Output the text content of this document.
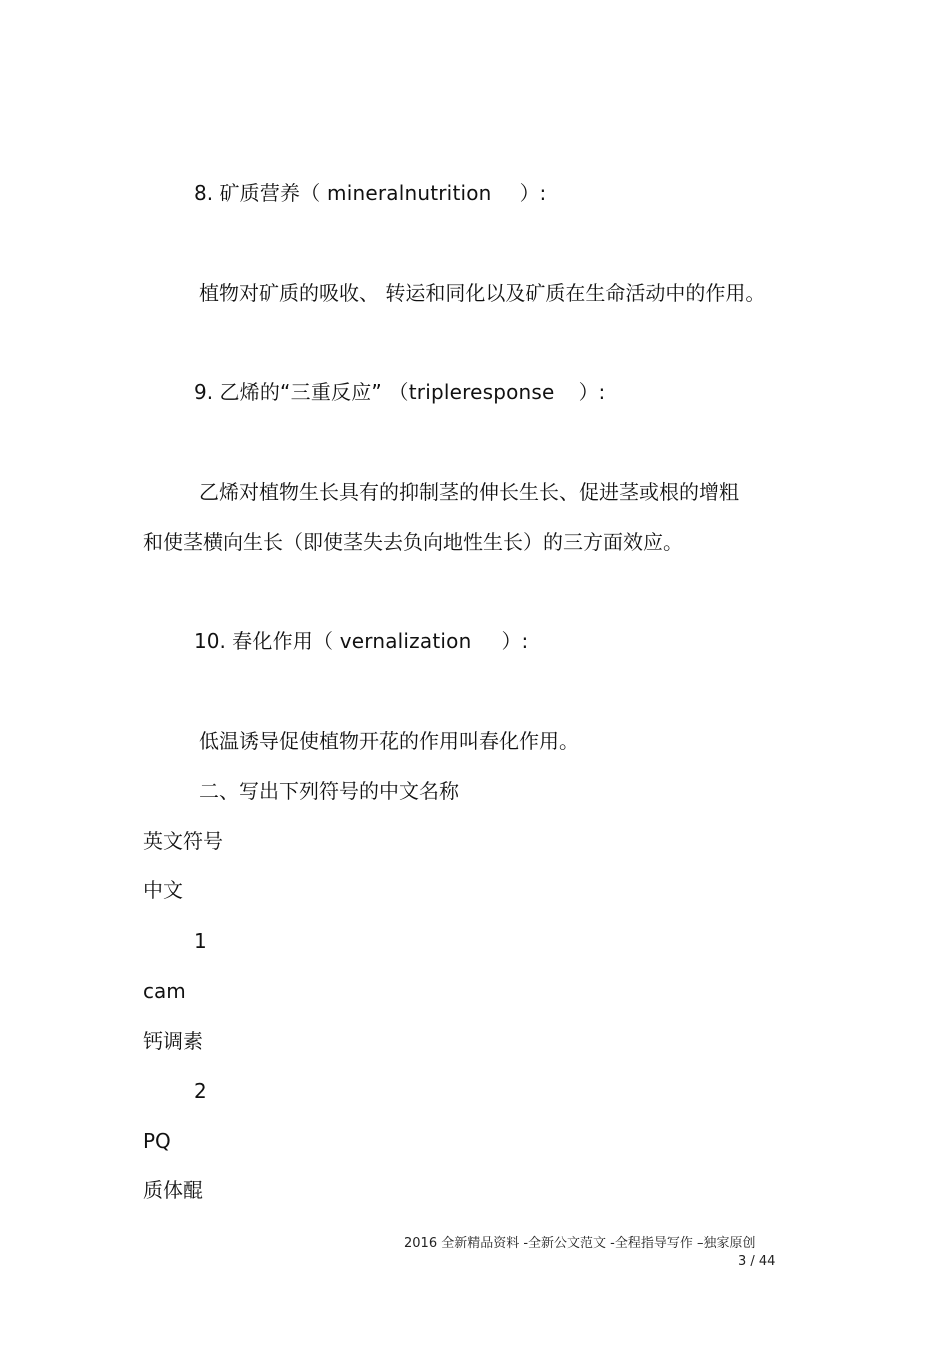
8. 矿质营养（ mineralnutrition ）:
植物对矿质的吸收、 转运和同化以及矿质在生命活动中的作用。
9. 乙烯的“三重反应” （tripleresponse ）:
乙烯对植物生长具有的抑制茎的伸长生长、促进茎或根的增粗
和使茎横向生长（即使茎失去负向地性生长）的三方面效应。
10. 春化作用（ vernalization ）:
低温诱导促使植物开花的作用叫春化作用。
二、写出下列符号的中文名称
英文符号
中文
1
cam
钙调素
2
PQ
质体醌
2016 全新精品资料 -全新公文范文 -全程指导写作 –独家原创
3 / 44
